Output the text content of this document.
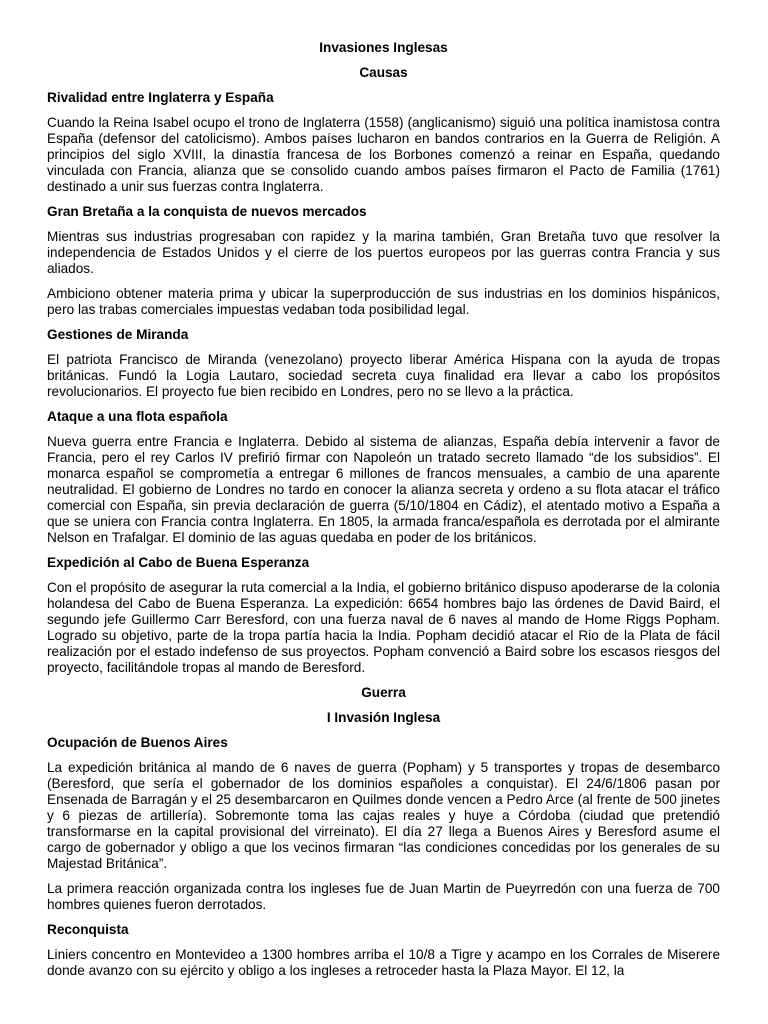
Invasiones Inglesas
Causas
Rivalidad entre Inglaterra y España
Cuando la Reina Isabel ocupo el trono de Inglaterra (1558) (anglicanismo) siguió una política inamistosa contra España (defensor del catolicismo). Ambos países lucharon en bandos contrarios en la Guerra de Religión. A principios del siglo XVIII, la dinastía francesa de los Borbones comenzó a reinar en España, quedando vinculada con Francia, alianza que se consolido cuando ambos países firmaron el Pacto de Familia (1761) destinado a unir sus fuerzas contra Inglaterra.
Gran Bretaña a la conquista de nuevos mercados
Mientras sus industrias progresaban con rapidez y la marina también, Gran Bretaña tuvo que resolver la independencia de Estados Unidos y el cierre de los puertos europeos por las guerras contra Francia y sus aliados.
Ambiciono obtener materia prima y ubicar la superproducción de sus industrias en los dominios hispánicos, pero las trabas comerciales impuestas vedaban toda posibilidad legal.
Gestiones de Miranda
El patriota Francisco de Miranda (venezolano) proyecto liberar América Hispana con la ayuda de tropas británicas. Fundó la Logia Lautaro, sociedad secreta cuya finalidad era llevar a cabo los propósitos revolucionarios. El proyecto fue bien recibido en Londres, pero no se llevo a la práctica.
Ataque a una flota española
Nueva guerra entre Francia e Inglaterra. Debido al sistema de alianzas, España debía intervenir a favor de Francia, pero el rey Carlos IV prefirió firmar con Napoleón un tratado secreto llamado “de los subsidios”. El monarca español se comprometía a entregar 6 millones de francos mensuales, a cambio de una aparente neutralidad. El gobierno de Londres no tardo en conocer la alianza secreta y ordeno a su flota atacar el tráfico comercial con España, sin previa declaración de guerra (5/10/1804 en Cádiz), el atentado motivo a España a que se uniera con Francia contra Inglaterra. En 1805, la armada franca/española es derrotada por el almirante Nelson en Trafalgar. El dominio de las aguas quedaba en poder de los británicos.
Expedición al Cabo de Buena Esperanza
Con el propósito de asegurar la ruta comercial a la India, el gobierno británico dispuso apoderarse de la colonia holandesa del Cabo de Buena Esperanza. La expedición: 6654 hombres bajo las órdenes de David Baird, el segundo jefe Guillermo Carr Beresford, con una fuerza naval de 6 naves al mando de Home Riggs Popham. Logrado su objetivo, parte de la tropa partía hacia la India. Popham decidió atacar el Rio de la Plata de fácil realización por el estado indefenso de sus proyectos. Popham convenció a Baird sobre los escasos riesgos del proyecto, facilitándole tropas al mando de Beresford.
Guerra
I Invasión Inglesa
Ocupación de Buenos Aires
La expedición británica al mando de 6 naves de guerra (Popham) y 5 transportes y tropas de desembarco (Beresford, que sería el gobernador de los dominios españoles a conquistar). El 24/6/1806 pasan por Ensenada de Barragán y el 25 desembarcaron en Quilmes donde vencen a Pedro Arce (al frente de 500 jinetes y 6 piezas de artillería). Sobremonte toma las cajas reales y huye a Córdoba (ciudad que pretendió transformarse en la capital provisional del virreinato). El día 27 llega a Buenos Aires y Beresford asume el cargo de gobernador y obligo a que los vecinos firmaran “las condiciones concedidas por los generales de su Majestad Británica”.
La primera reacción organizada contra los ingleses fue de Juan Martin de Pueyrredón con una fuerza de 700 hombres quienes fueron derrotados.
Reconquista
Liniers concentro en Montevideo a 1300 hombres arriba el 10/8 a Tigre y acampo en los Corrales de Miserere donde avanzo con su ejército y obligo a los ingleses a retroceder hasta la Plaza Mayor. El 12, la
